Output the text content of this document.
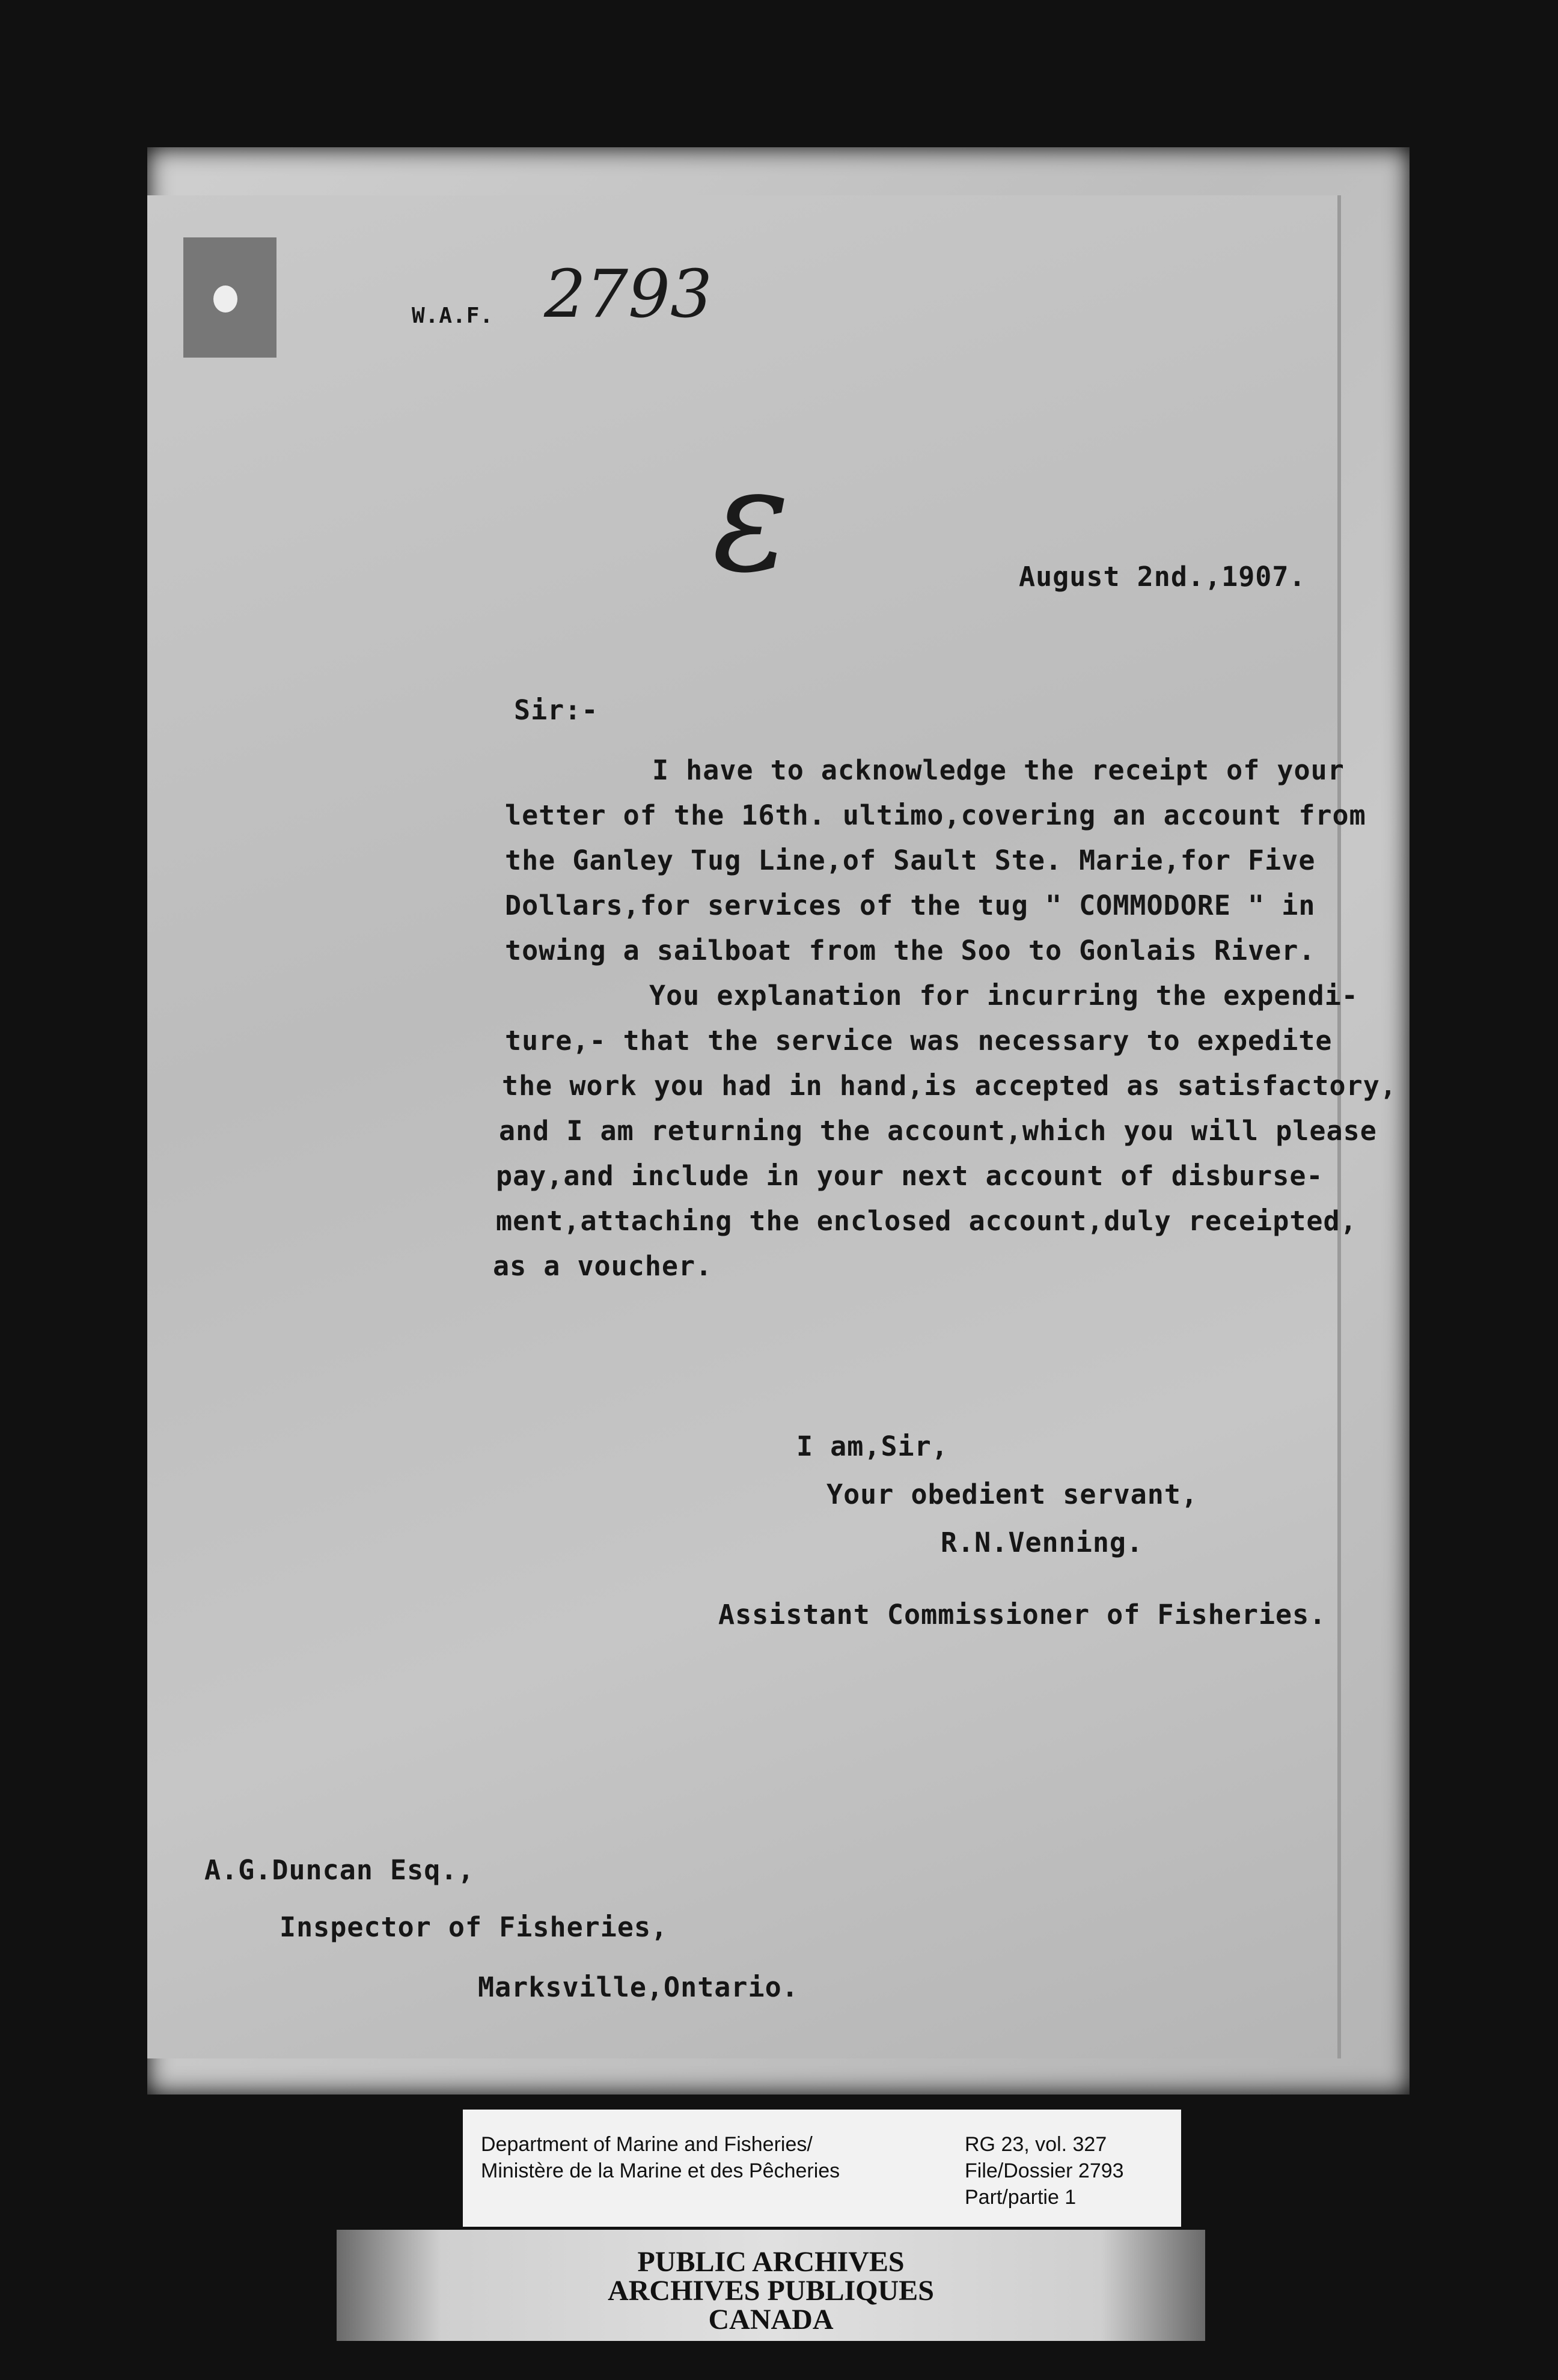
W.A.F. 2793
ε	August 2nd.,1907.
Sir:-
I have to acknowledge the receipt of your
letter of the 16th. ultimo,covering an account from
the Ganley Tug Line,of Sault Ste. Marie,for Five
Dollars,for services of the tug " COMMODORE " in
towing a sailboat from the Soo to Gonlais River.
You explanation for incurring the expendi-
ture,- that the service was necessary to expedite
the work you had in hand,is accepted as satisfactory,
and I am returning the account,which you will please
pay,and include in your next account of disburse-
ment,attaching the enclosed account,duly receipted,
as a voucher.
I am,Sir,
Your obedient servant,
R.N.Venning.
Assistant Commissioner of Fisheries.
A.G.Duncan Esq.,
Inspector of Fisheries,
Marksville,Ontario.
Department of Marine and Fisheries/
Ministère de la Marine et des Pêcheries
RG 23, vol. 327
File/Dossier 2793
Part/partie 1
PUBLIC ARCHIVES
ARCHIVES PUBLIQUES
CANADA
